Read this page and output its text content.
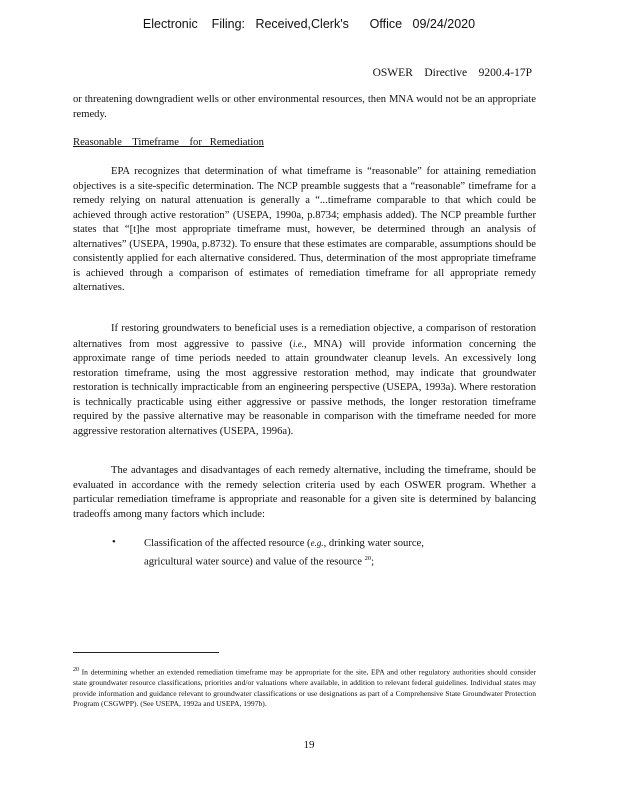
Electronic    Filing:   Received,Clerk's      Office   09/24/2020
OSWER    Directive    9200.4-17P
or threatening downgradient wells or other environmental resources, then MNA would not be an appropriate remedy.
Reasonable    Timeframe    for   Remediation
EPA recognizes that determination of what timeframe is “reasonable” for attaining remediation objectives is a site-specific determination. The NCP preamble suggests that a “reasonable” timeframe for a remedy relying on natural attenuation is generally a “...timeframe comparable to that which could be achieved through active restoration” (USEPA, 1990a, p.8734; emphasis added). The NCP preamble further states that “[t]he most appropriate timeframe must, however, be determined through an analysis of alternatives” (USEPA, 1990a, p.8732). To ensure that these estimates are comparable, assumptions should be consistently applied for each alternative considered. Thus, determination of the most appropriate timeframe is achieved through a comparison of estimates of remediation timeframe for all appropriate remedy alternatives.
If restoring groundwaters to beneficial uses is a remediation objective, a comparison of restoration alternatives from most aggressive to passive (i.e., MNA) will provide information concerning the approximate range of time periods needed to attain groundwater cleanup levels. An excessively long restoration timeframe, using the most aggressive restoration method, may indicate that groundwater restoration is technically impracticable from an engineering perspective (USEPA, 1993a). Where restoration is technically practicable using either aggressive or passive methods, the longer restoration timeframe required by the passive alternative may be reasonable in comparison with the timeframe needed for more aggressive restoration alternatives (USEPA, 1996a).
The advantages and disadvantages of each remedy alternative, including the timeframe, should be evaluated in accordance with the remedy selection criteria used by each OSWER program. Whether a particular remediation timeframe is appropriate and reasonable for a given site is determined by balancing tradeoffs among many factors which include:
•	Classification of the affected resource (e.g., drinking water source, agricultural water source) and value of the resource $^{20}$;
$^{20}$ In determining whether an extended remediation timeframe may be appropriate for the site, EPA and other regulatory authorities should consider state groundwater resource classifications, priorities and/or valuations where available, in addition to relevant federal guidelines. Individual states may provide information and guidance relevant to groundwater classifications or use designations as part of a Comprehensive State Groundwater Protection Program (CSGWPP). (See USEPA, 1992a and USEPA, 1997b).
19
